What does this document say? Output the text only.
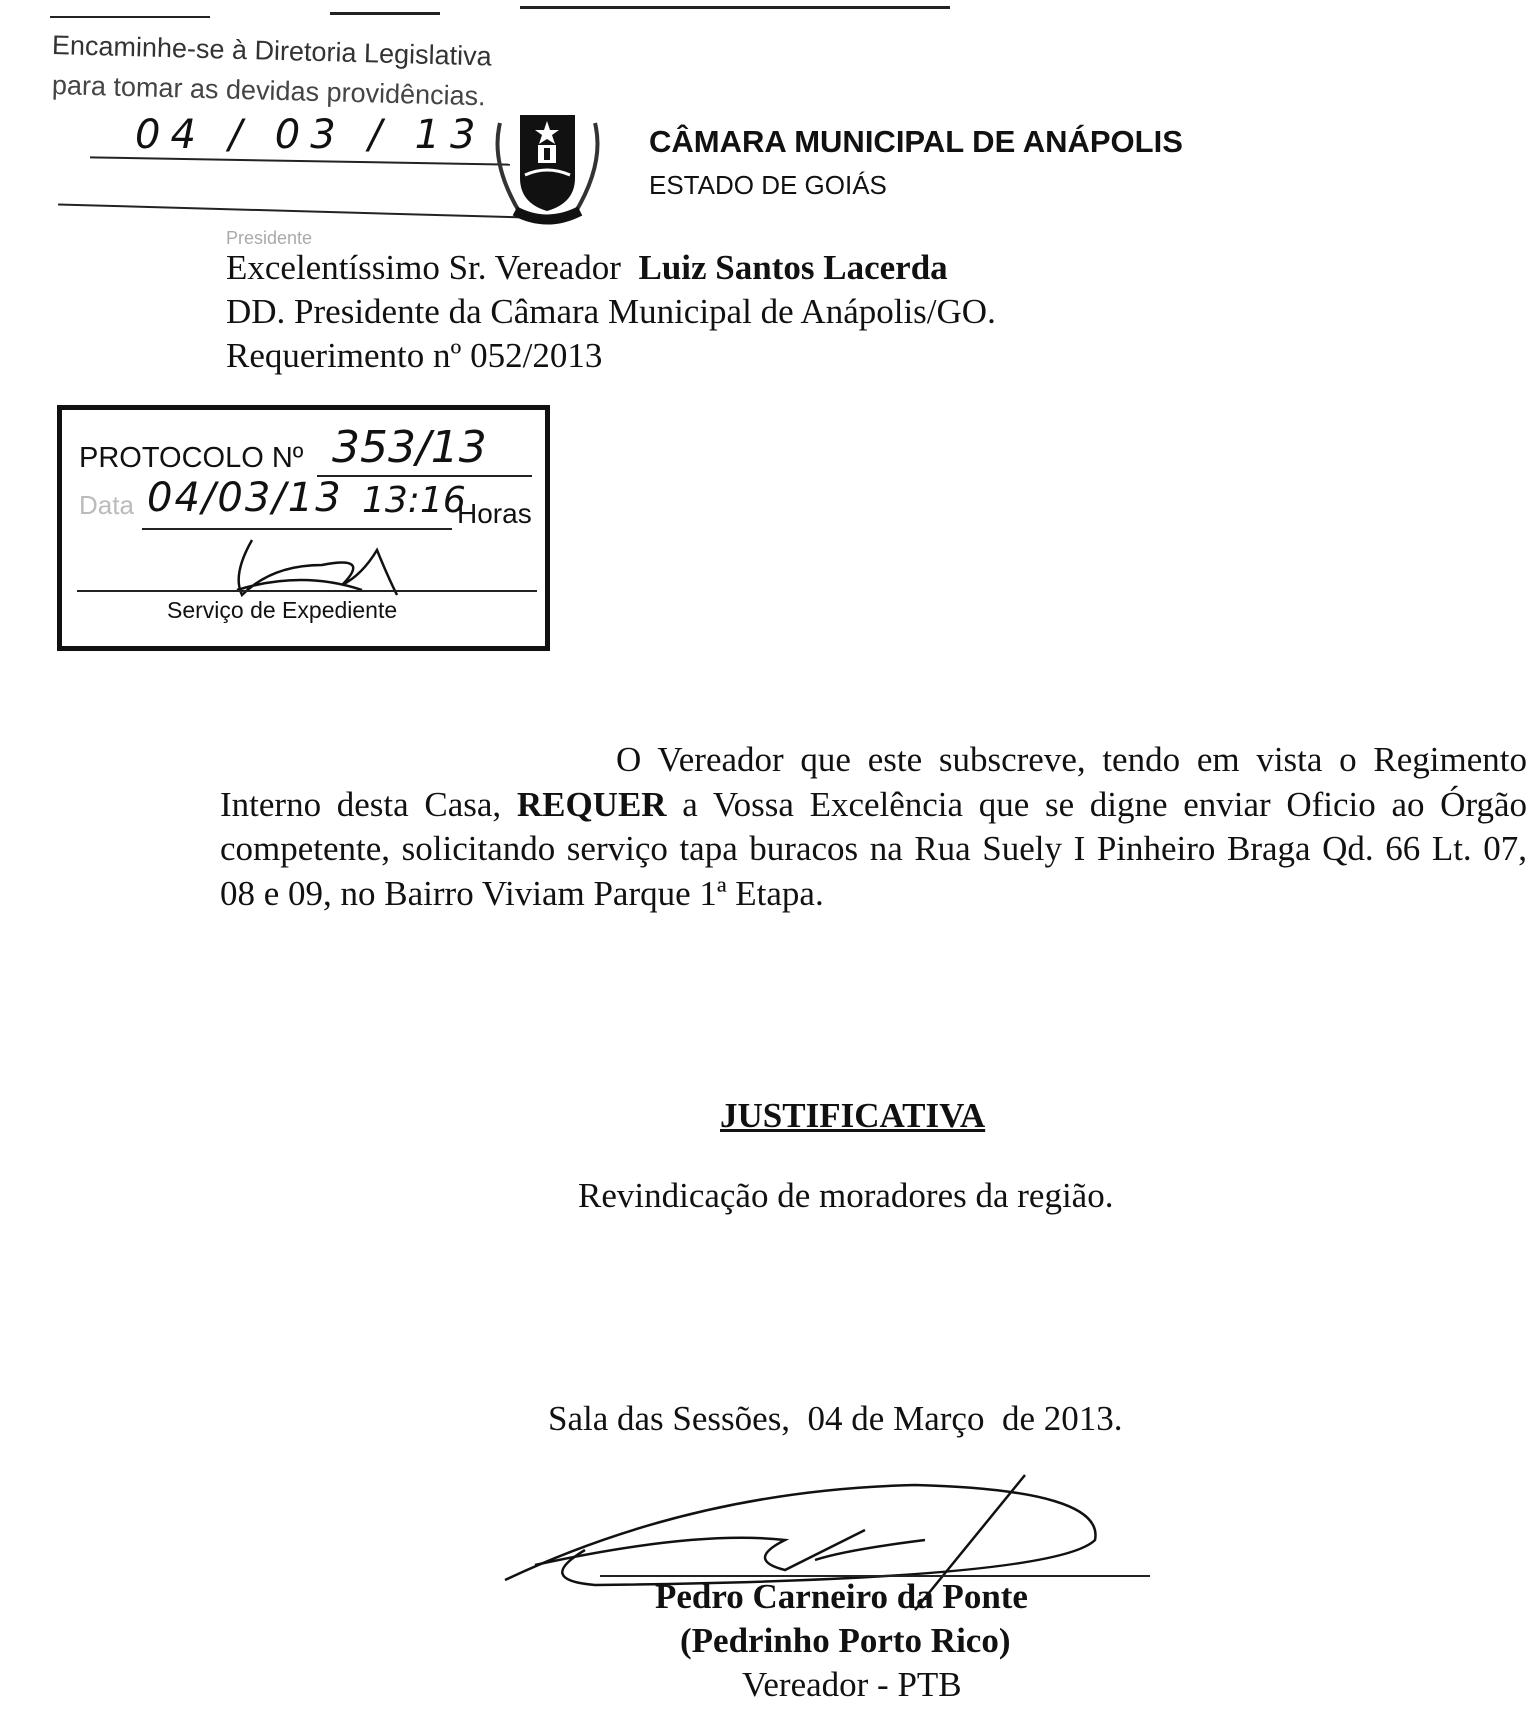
Encaminhe-se à Diretoria Legislativa
para tomar as devidas providências.
04 / 03 / 13
Presidente
CÂMARA MUNICIPAL DE ANÁPOLIS
ESTADO DE GOIÁS
Excelentíssimo Sr. Vereador Luiz Santos Lacerda
DD. Presidente da Câmara Municipal de Anápolis/GO.
Requerimento nº 052/2013
PROTOCOLO Nº 353/13
Data 04/03/13 13:16
Horas
Serviço de Expediente
O Vereador que este subscreve, tendo em vista o Regimento Interno desta Casa, REQUER a Vossa Excelência que se digne enviar Oficio ao Órgão competente, solicitando serviço tapa buracos na Rua Suely I Pinheiro Braga Qd. 66 Lt. 07, 08 e 09, no Bairro Viviam Parque 1ª Etapa.
JUSTIFICATIVA
Revindicação de moradores da região.
Sala das Sessões,  04 de Março  de 2013.
Pedro Carneiro da Ponte
(Pedrinho Porto Rico)
Vereador - PTB
